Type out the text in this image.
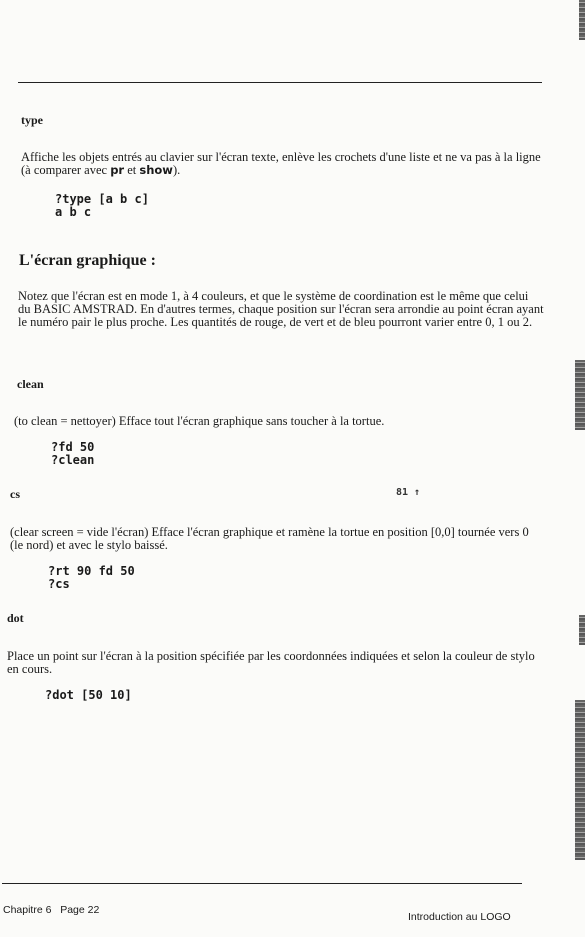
type
Affiche les objets entrés au clavier sur l'écran texte, enlève les crochets d'une liste et ne va pas à la ligne (à comparer avec pr et show).
?type [a b c]
a b c
L'écran graphique :
Notez que l'écran est en mode 1, à 4 couleurs, et que le système de coordination est le même que celui du BASIC AMSTRAD. En d'autres termes, chaque position sur l'écran sera arrondie au point écran ayant le numéro pair le plus proche. Les quantités de rouge, de vert et de bleu pourront varier entre 0, 1 ou 2.
clean
(to clean = nettoyer) Efface tout l'écran graphique sans toucher à la tortue.
?fd 50
?clean
cs	81 ↑
(clear screen = vide l'écran) Efface l'écran graphique et ramène la tortue en position [0,0] tournée vers 0 (le nord) et avec le stylo baissé.
?rt 90 fd 50
?cs
dot
Place un point sur l'écran à la position spécifiée par les coordonnées indiquées et selon la couleur de stylo en cours.
?dot [50 10]
Chapitre 6   Page 22
Introduction au LOGO
